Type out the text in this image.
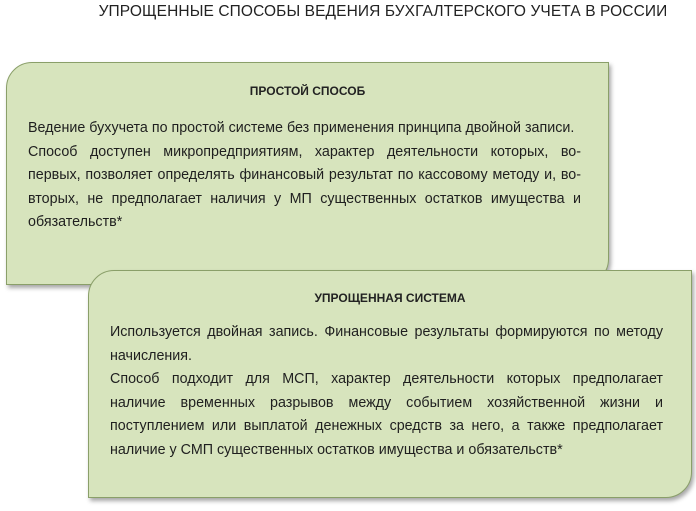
УПРОЩЕННЫЕ СПОСОБЫ ВЕДЕНИЯ БУХГАЛТЕРСКОГО УЧЕТА В РОССИИ
ПРОСТОЙ СПОСОБ

Ведение бухучета по простой системе без применения принципа двойной записи.

Способ доступен микропредприятиям, характер деятельности которых, во-первых, позволяет определять финансовый результат по кассовому методу и, во-вторых, не предполагает наличия у МП существенных остатков имущества и обязательств*

УПРОЩЕННАЯ СИСТЕМА

Используется двойная запись. Финансовые результаты формируются по методу начисления.

Способ подходит для МСП, характер деятельности которых предполагает наличие временных разрывов между событием хозяйственной жизни и поступлением или выплатой денежных средств за него, а также предполагает наличие у СМП существенных остатков имущества и обязательств*
